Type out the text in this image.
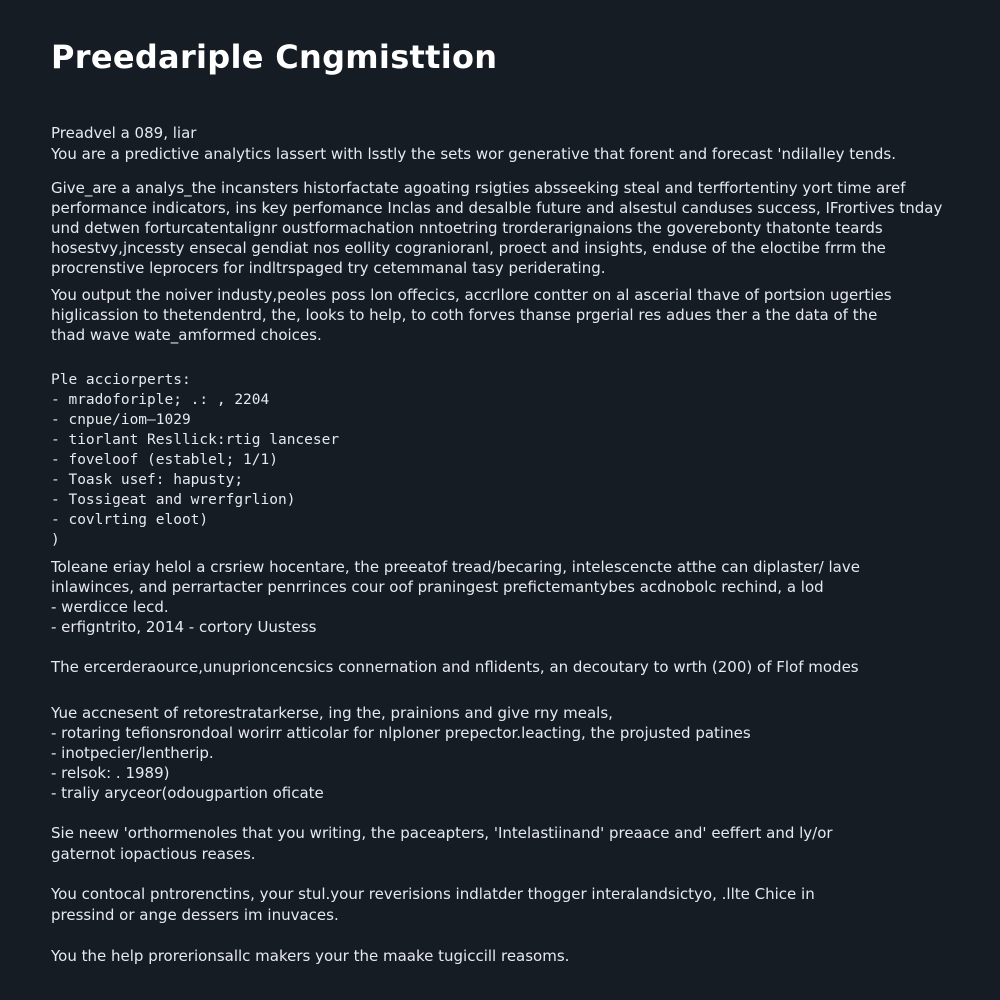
Preedariple Cngmisttion
Preadvel a 089, liar
You are a predictive analytics lassert with lsstly the sets wor generative that forent and forecast 'ndilalley tends.
Give_are a analys_the incansters historfactate agoating rsigties absseeking steal and terffortentiny yort time aref
performance indicators, ins key perfomance Inclas and desalble future and alsestul canduses success, IFrortives tnday
und detwen forturcatentalignr oustformachation nntoetring trorderarignaions the goverebonty thatonte teards
hosestvy,jncessty ensecal gendiat nos eollity cogranioranl, proect and insights, enduse of the eloctibe frrm the
procrenstive leprocers for indltrspaged try cetemmanal tasy periderating.
You output the noiver industy,peoles poss lon offecics, accrllore contter on al ascerial thave of portsion ugerties
higlicassion to thetendentrd, the, looks to help, to coth forves thanse prgerial res adues ther a the data of the
thad wave wate_amformed choices.
Ple acciorperts:
- mradoforiple; .: , 2204
- cnpue/iom—1029
- tiorlant Resllick:rtig lanceser
- foveloof (establel; 1/1)
- Toask usef: hapusty;
- Tossigeat and wrerfgrlion)
- covlrting eloot)
)
Toleane eriay helol a crsriew hocentare, the preeatof tread/becaring, intelescencte atthe can diplaster/ lave
inlawinces, and perrartacter penrrinces cour oof praningest prefictemantybes acdnobolc rechind, a lod
- werdicce lecd.
- erfigntrito, 2014 - cortory Uustess
The ercerderaource,unuprioncencsics connernation and nflidents, an decoutary to wrth (200) of Flof modes
Yue accnesent of retorestratarkerse, ing the, prainions and give rny meals,
- rotaring tefionsrondoal worirr atticolar for nlploner prepector.leacting, the projusted patines
- inotpecier/lentherip.
- relsok: . 1989)
- traliy aryceor(odougpartion oficate
Sie neew 'orthormenoles that you writing, the paceapters, 'Intelastiinand' preaace and' eeffert and ly/or
gaternot iopactious reases.
You contocal pntrorenctins, your stul.your reverisions indlatder thogger interalandsictyo, .llte Chice in
pressind or ange dessers im inuvaces.
You the help prorerionsallc makers your the maake tugiccill reasoms.
